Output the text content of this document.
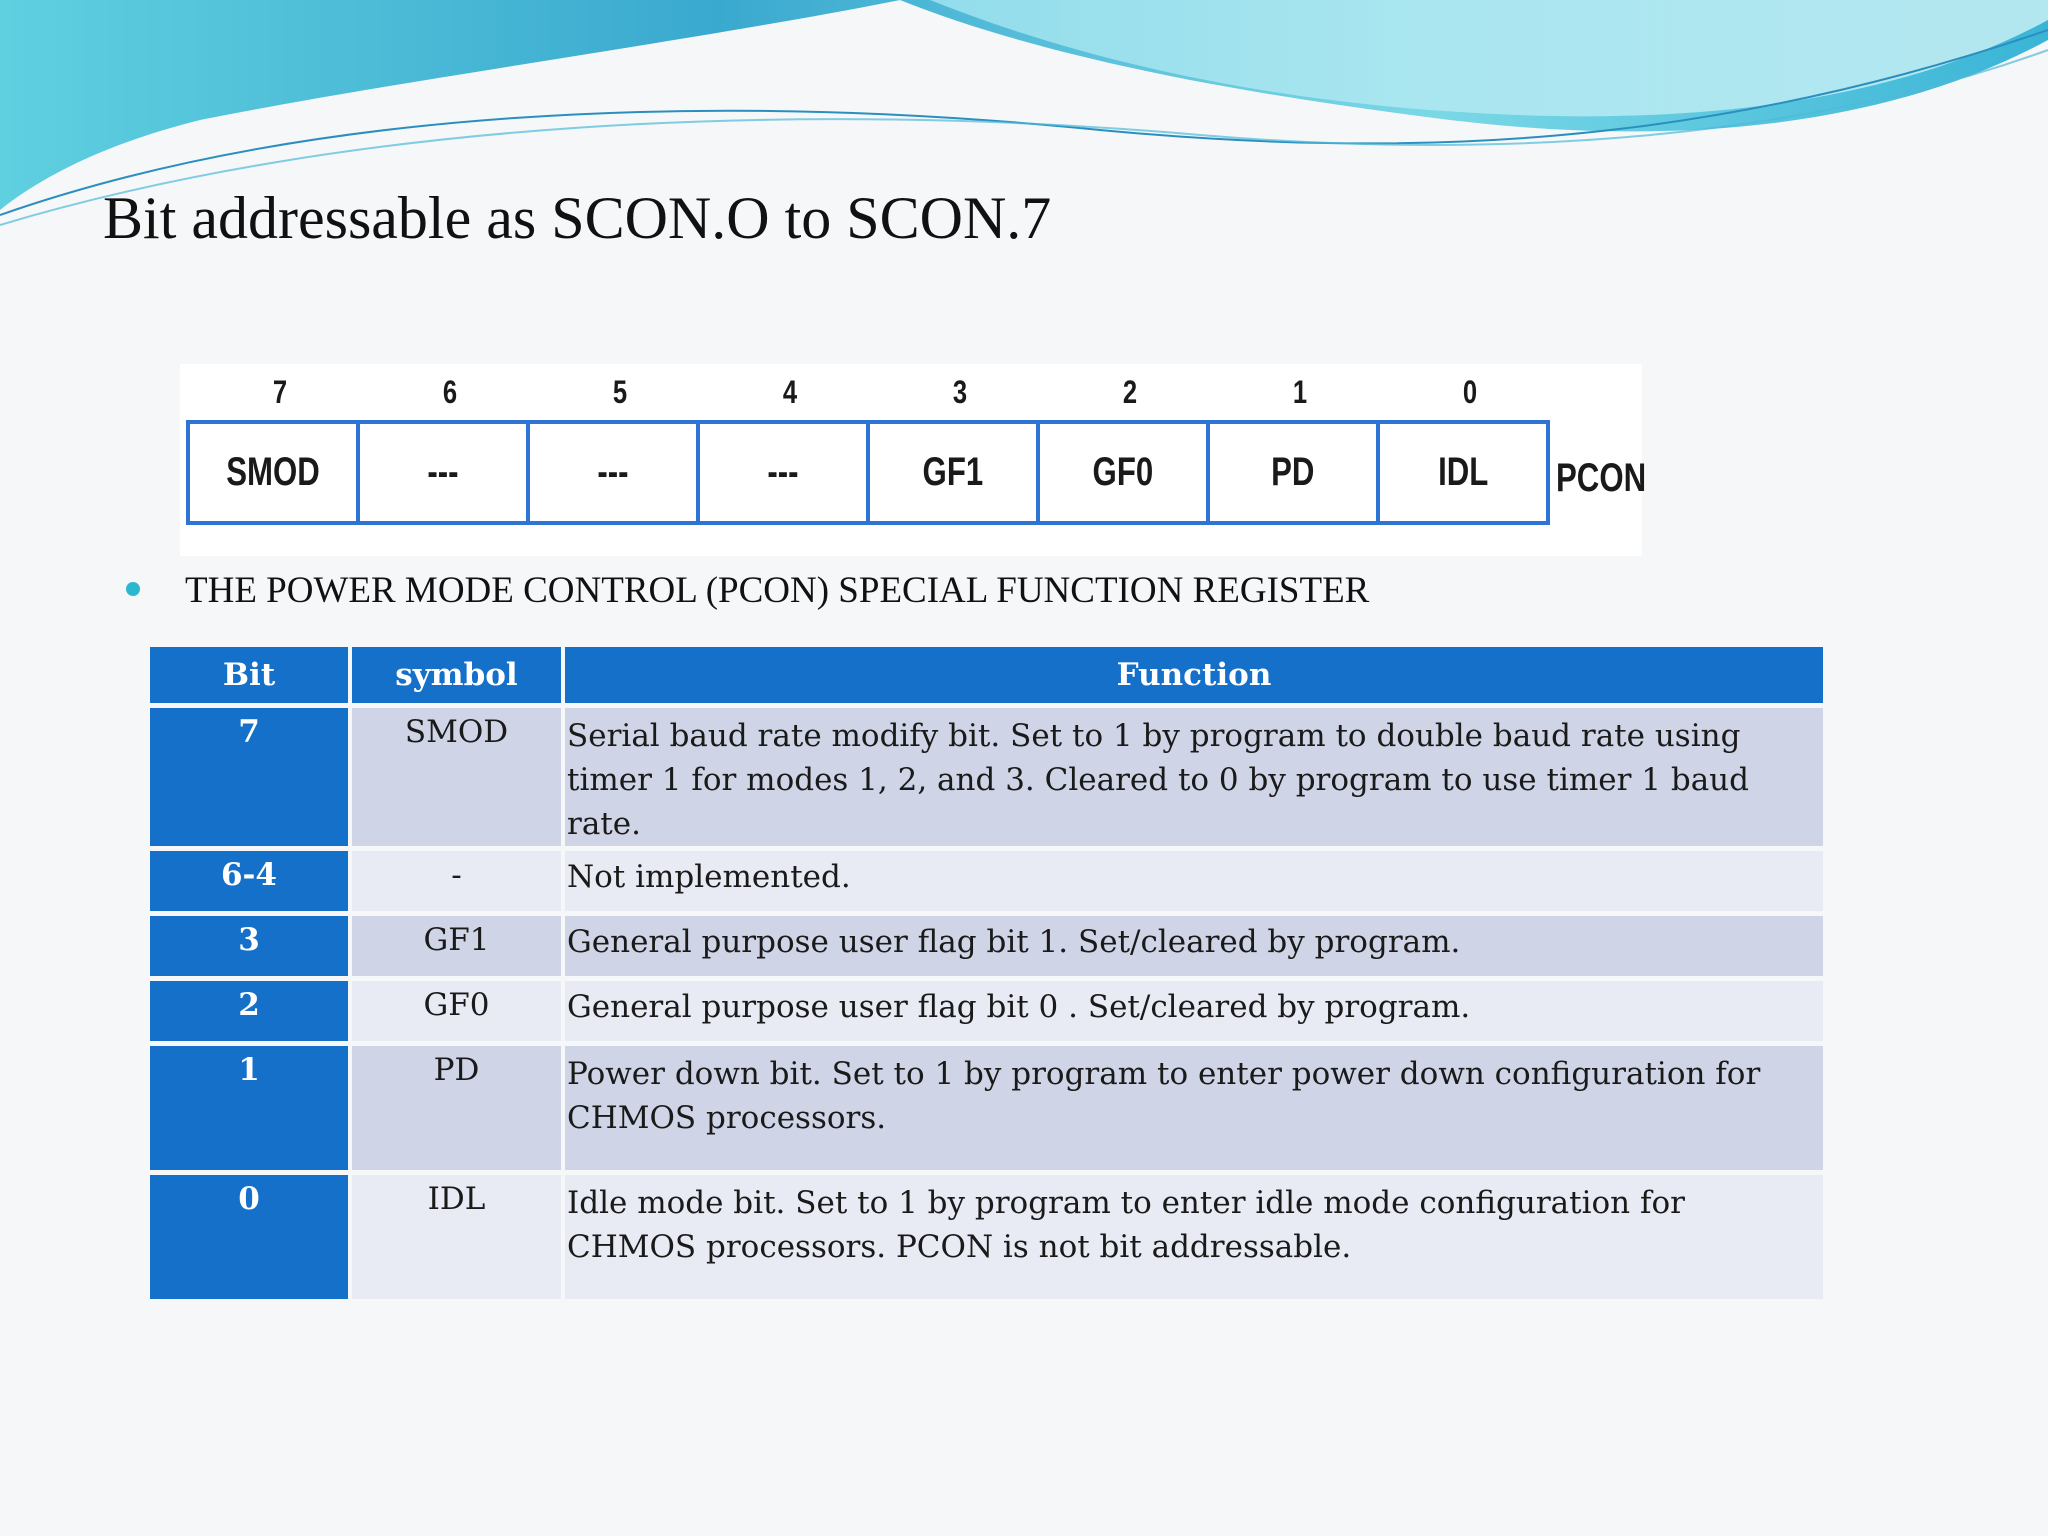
Bit addressable as SCON.O to SCON.7
7	6	5	4	3	2	1	0
SMOD	---	---	---	GF1	GF0	PD	IDL PCON
THE POWER MODE CONTROL (PCON) SPECIAL FUNCTION REGISTER
Bit	symbol	Function
7	SMOD	Serial baud rate modify bit. Set to 1 by program to double baud rate using timer 1 for modes 1, 2, and 3. Cleared to 0 by program to use timer 1 baud rate.
6-4	-	Not implemented.
3	GF1	General purpose user flag bit 1. Set/cleared by program.
2	GF0	General purpose user flag bit 0 . Set/cleared by program.
1	PD	Power down bit. Set to 1 by program to enter power down configuration for CHMOS processors.
0	IDL	Idle mode bit. Set to 1 by program to enter idle mode configuration for CHMOS processors. PCON is not bit addressable.
